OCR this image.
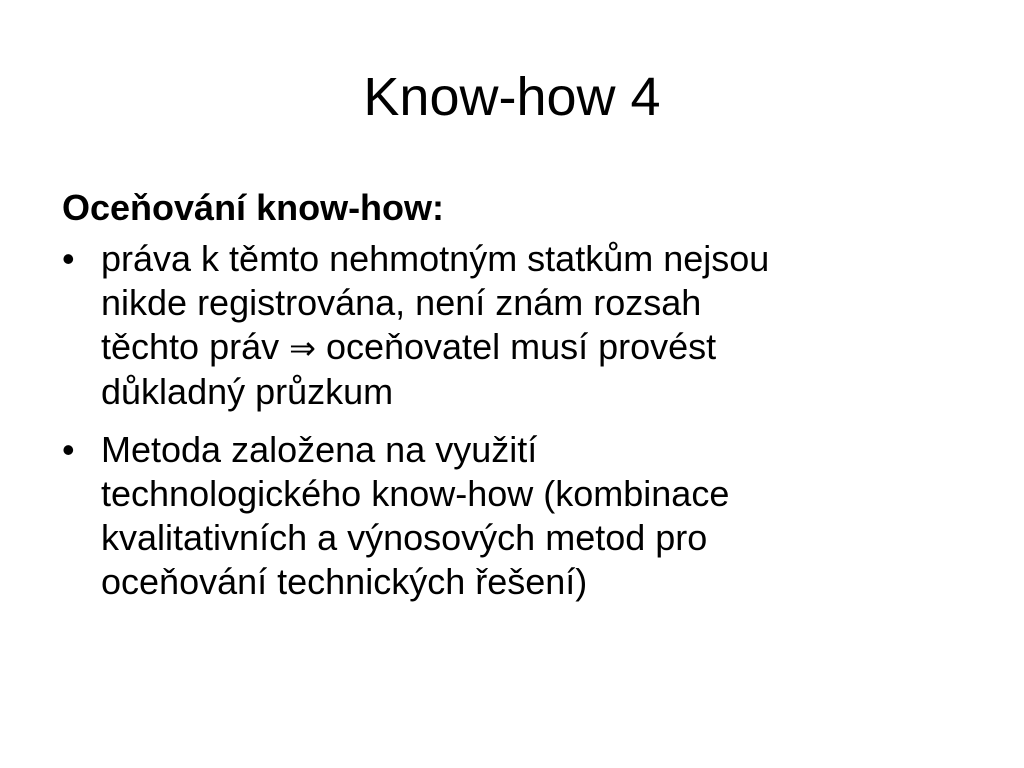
Know-how 4

Oceňování know-how:

• práva k těmto nehmotným statkům nejsou
nikde registrována, není znám rozsah
těchto práv ⇒ oceňovatel musí provést
důkladný průzkum
• Metoda založena na využití
technologického know-how (kombinace
kvalitativních a výnosových metod pro
oceňování technických řešení)
